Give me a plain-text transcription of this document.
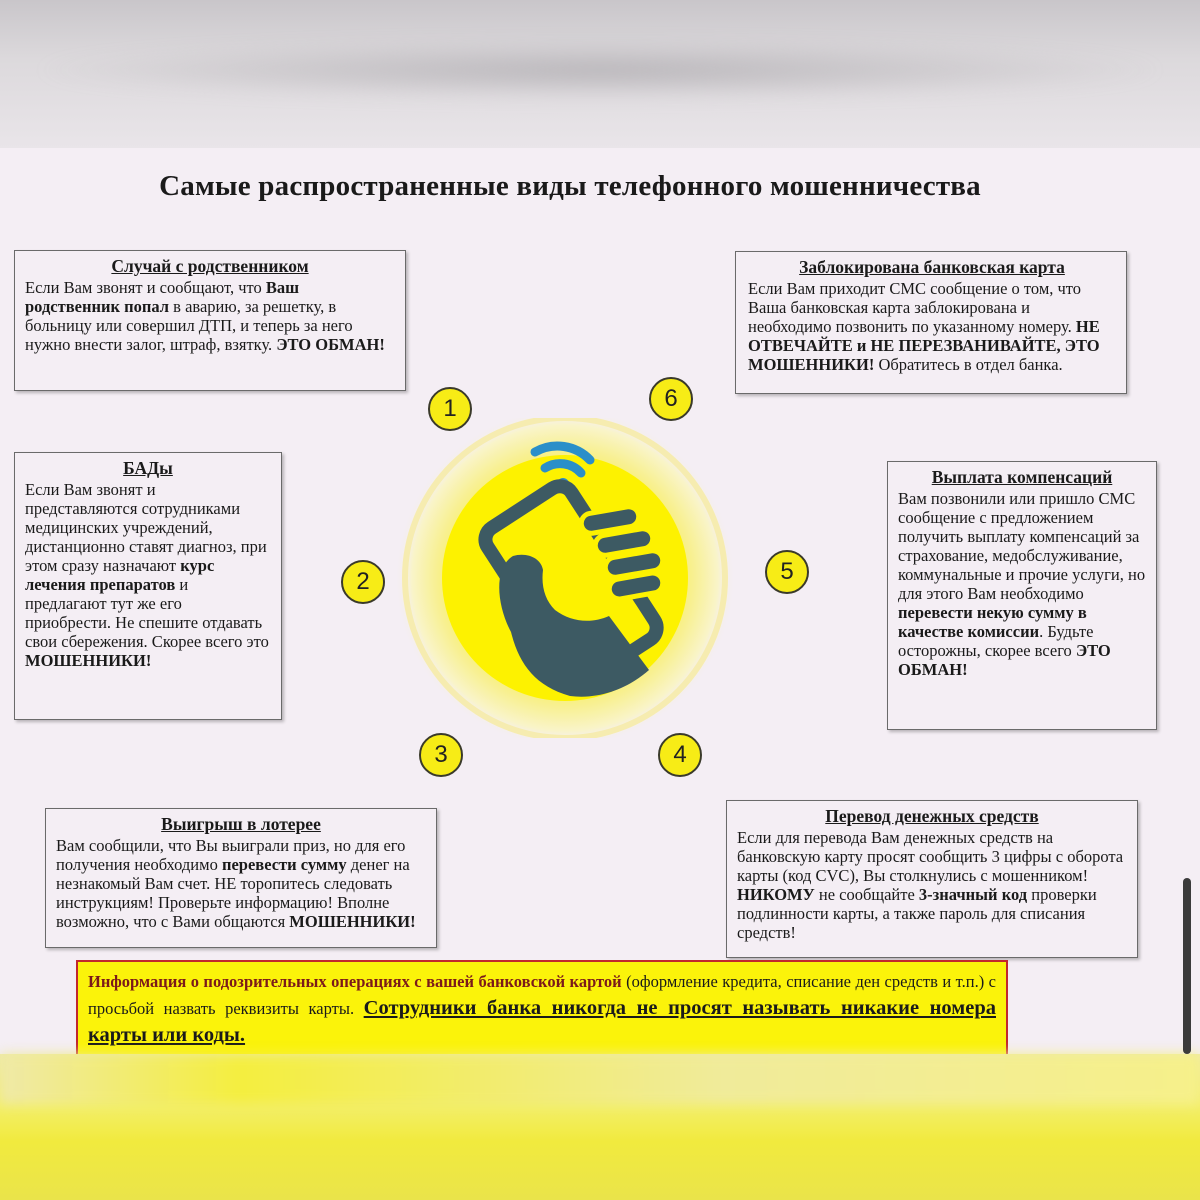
Самые распространенные виды телефонного мошенничества
Случай с родственником

Если Вам звонят и сообщают, что Ваш родственник попал в аварию, за решетку, в больницу или совершил ДТП, и теперь за него нужно внести залог, штраф, взятку. ЭТО ОБМАН!

Заблокирована банковская карта

Если Вам приходит СМС сообщение о том, что Ваша банковская карта заблокирована и необходимо позвонить по указанному номеру. НЕ ОТВЕЧАЙТЕ и НЕ ПЕРЕЗВАНИВАЙТЕ, ЭТО МОШЕННИКИ! Обратитесь в отдел банка.

БАДы

Если Вам звонят и представляются сотрудниками медицинских учреждений, дистанционно ставят диагноз, при этом сразу назначают курс лечения препаратов и предлагают тут же его приобрести. Не спешите отдавать свои сбережения. Скорее всего это МОШЕННИКИ!

Выплата компенсаций

Вам позвонили или пришло СМС сообщение с предложением получить выплату компенсаций за страхование, медобслуживание, коммунальные и прочие услуги, но для этого Вам необходимо перевести некую сумму в качестве комиссии. Будьте осторожны, скорее всего ЭТО ОБМАН!

Выигрыш в лотерее

Вам сообщили, что Вы выиграли приз, но для его получения необходимо перевести сумму денег на незнакомый Вам счет. НЕ торопитесь следовать инструкциям! Проверьте информацию! Вполне возможно, что с Вами общаются МОШЕННИКИ!

Перевод денежных средств

Если для перевода Вам денежных средств на банковскую карту просят сообщить 3 цифры с оборота карты (код CVC), Вы столкнулись с мошенником!
НИКОМУ не сообщайте 3-значный код проверки подлинности карты, а также пароль для списания средств!

1	6
2	5
3	4
Информация о подозрительных операциях с вашей банковской картой (оформление кредита, списание ден средств и т.п.) с просьбой назвать реквизиты карты. Сотрудники банка никогда не просят называть никакие номера карты или коды.
